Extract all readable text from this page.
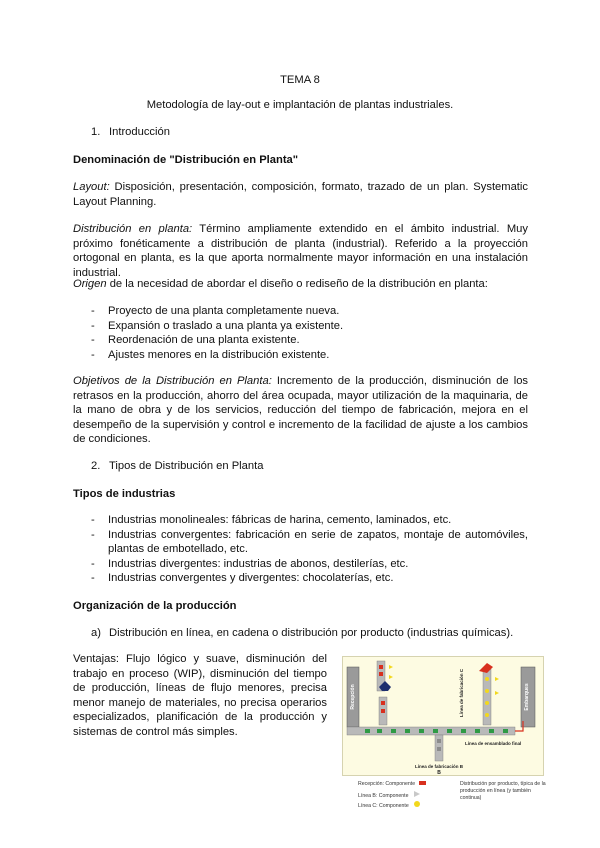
TEMA 8
Metodología de lay-out e implantación de plantas industriales.
1. Introducción
Denominación de "Distribución en Planta"
Layout: Disposición, presentación, composición, formato, trazado de un plan. Systematic Layout Planning.
Distribución en planta: Término ampliamente extendido en el ámbito industrial. Muy próximo fonéticamente a distribución de planta (industrial). Referido a la proyección ortogonal en planta, es la que aporta normalmente mayor información en una instalación industrial.
Origen de la necesidad de abordar el diseño o rediseño de la distribución en planta:
- Proyecto de una planta completamente nueva.
- Expansión o traslado a una planta ya existente.
- Reordenación de una planta existente.
- Ajustes menores en la distribución existente.
Objetivos de la Distribución en Planta: Incremento de la producción, disminución de los retrasos en la producción, ahorro del área ocupada, mayor utilización de la maquinaria, de la mano de obra y de los servicios, reducción del tiempo de fabricación, mejora en el desempeño de la supervisión y control e incremento de la facilidad de ajuste a los cambios de condiciones.
2. Tipos de Distribución en Planta
Tipos de industrias
- Industrias monolineales: fábricas de harina, cemento, laminados, etc.
- Industrias convergentes: fabricación en serie de zapatos, montaje de automóviles, plantas de embotellado, etc.
- Industrias divergentes: industrias de abonos, destilerías, etc.
- Industrias convergentes y divergentes: chocolaterías, etc.
Organización de la producción
a) Distribución en línea, en cadena o distribución por producto (industrias químicas).
Ventajas: Flujo lógico y suave, disminución del trabajo en proceso (WIP), disminución del tiempo de producción, líneas de flujo menores, precisa menor manejo de materiales, no precisa operarios especializados, planificación de la producción y sistemas de control más simples.
Recepción	Embarques
Línea de fabricación C
Línea de ensamblado final
Línea de fabricación B
B
Recepción: Componente
Línea B: Componente
Línea C: Componente
Distribución por producto, típica de la producción en línea (y también continua)
